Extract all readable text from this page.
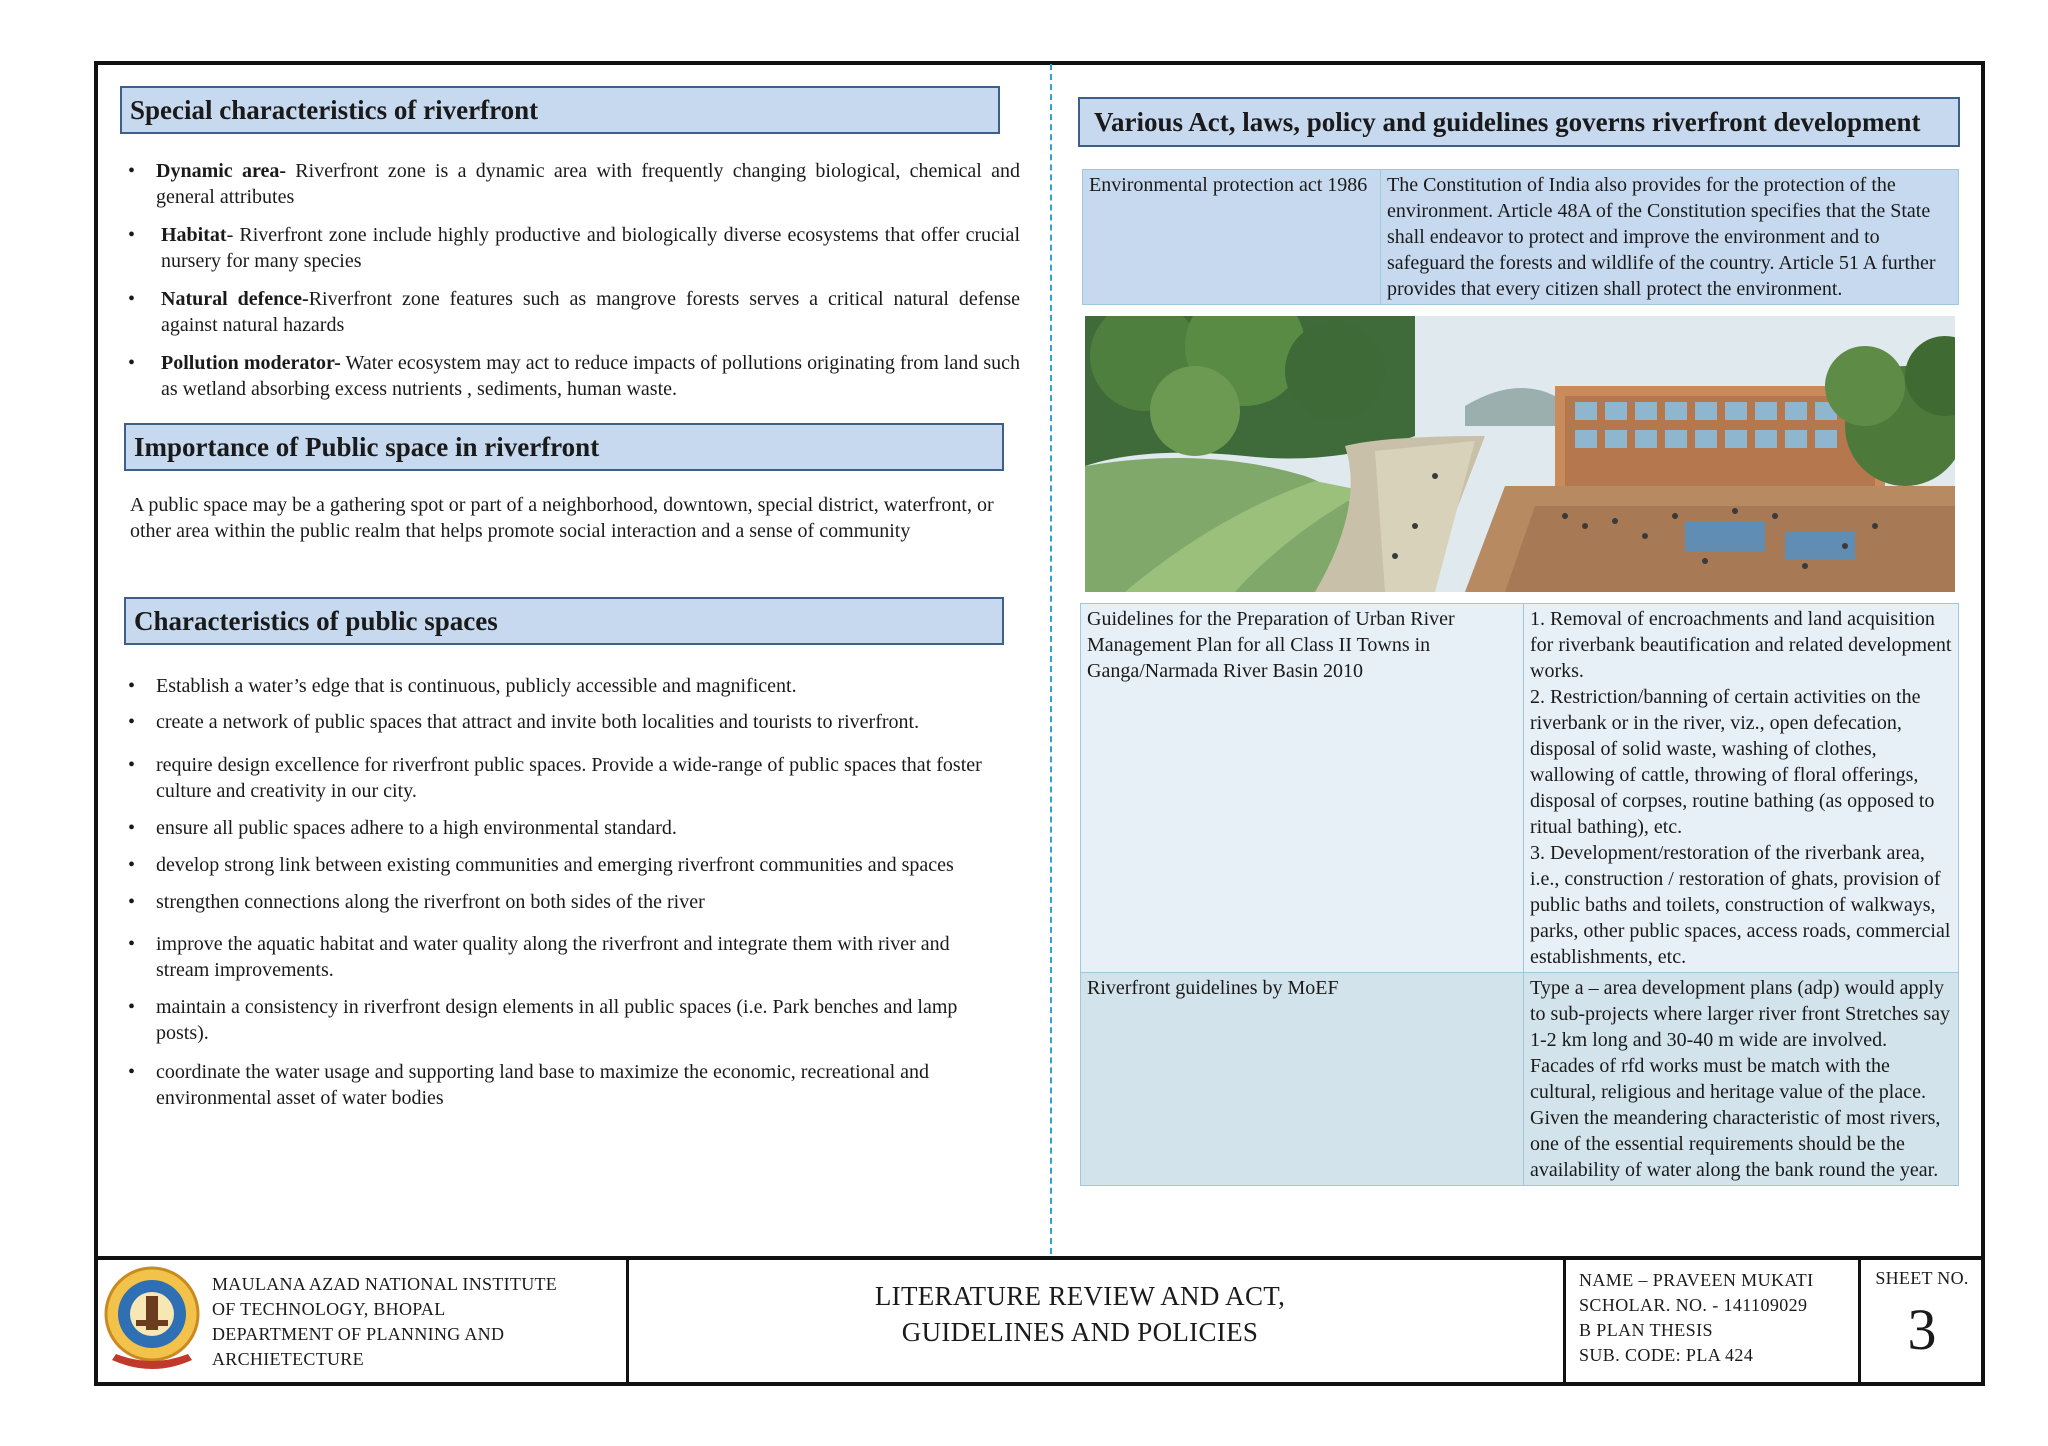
Special characteristics of riverfront
• Dynamic area- Riverfront zone is a dynamic area with frequently changing biological, chemical and general attributes
• Habitat- Riverfront zone include highly productive and biologically diverse ecosystems that offer crucial nursery for many species
• Natural defence-Riverfront zone features such as mangrove forests serves a critical natural defense against natural hazards
• Pollution moderator- Water ecosystem may act to reduce impacts of pollutions originating from land such as wetland absorbing excess nutrients , sediments, human waste.
Importance of Public space in riverfront
A public space may be a gathering spot or part of a neighborhood, downtown, special district, waterfront, or other area within the public realm that helps promote social interaction and a sense of community
Characteristics of public spaces
• Establish a water’s edge that is continuous, publicly accessible and magnificent.
• create a network of public spaces that attract and invite both localities and tourists to riverfront.
• require design excellence for riverfront public spaces. Provide a wide-range of public spaces that foster culture and creativity in our city.
• ensure all public spaces adhere to a high environmental standard.
• develop strong link between existing communities and emerging riverfront communities and spaces
• strengthen connections along the riverfront on both sides of the river
• improve the aquatic habitat and water quality along the riverfront and integrate them with river and stream improvements.
• maintain a consistency in riverfront design elements in all public spaces (i.e. Park benches and lamp posts).
• coordinate the water usage and supporting land base to maximize the economic, recreational and environmental asset of water bodies
Various Act, laws, policy and guidelines governs riverfront development
Environmental protection act 1986	The Constitution of India also provides for the protection of the environment. Article 48A of the Constitution specifies that the State shall endeavor to protect and improve the environment and to safeguard the forests and wildlife of the country. Article 51 A further provides that every citizen shall protect the environment.
Guidelines for the Preparation of Urban River Management Plan for all Class II Towns in Ganga/Narmada River Basin 2010	1. Removal of encroachments and land acquisition for riverbank beautification and related development works.
2. Restriction/banning of certain activities on the riverbank or in the river, viz., open defecation, disposal of solid waste, washing of clothes, wallowing of cattle, throwing of floral offerings, disposal of corpses, routine bathing (as opposed to ritual bathing), etc.
3. Development/restoration of the riverbank area, i.e., construction / restoration of ghats, provision of public baths and toilets, construction of walkways, parks, other public spaces, access roads, commercial establishments, etc.
Riverfront guidelines by MoEF	Type a – area development plans (adp) would apply to sub-projects where larger river front Stretches say 1-2 km long and 30-40 m wide are involved. Facades of rfd works must be match with the cultural, religious and heritage value of the place. Given the meandering characteristic of most rivers, one of the essential requirements should be the availability of water along the bank round the year.
MAULANA AZAD NATIONAL INSTITUTE
OF TECHNOLOGY, BHOPAL
DEPARTMENT OF PLANNING AND
ARCHIETECTURE
LITERATURE REVIEW AND ACT,
GUIDELINES AND POLICIES
NAME – PRAVEEN MUKATI
SCHOLAR. NO. - 141109029
B PLAN THESIS
SUB. CODE: PLA 424
SHEET NO.
3
